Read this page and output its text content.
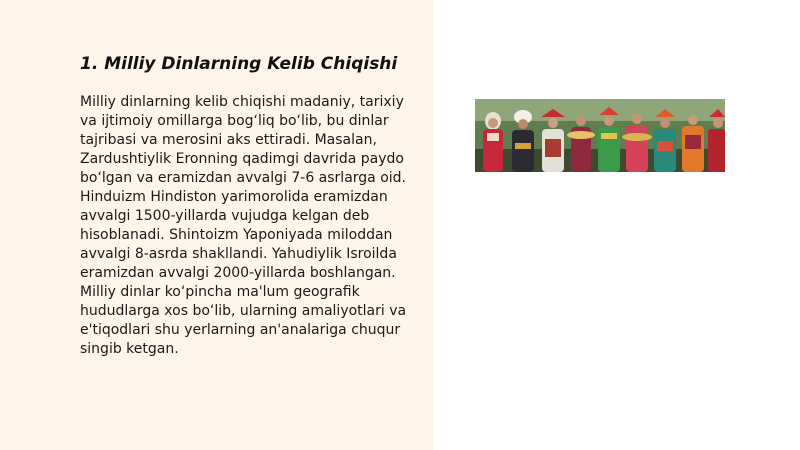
1. Milliy Dinlarning Kelib Chiqishi

Milliy dinlarning kelib chiqishi madaniy, tarixiy va ijtimoiy omillarga bog‘liq bo‘lib, bu dinlar tajribasi va merosini aks ettiradi. Masalan, Zardushtiylik Eronning qadimgi davrida paydo bo‘lgan va eramizdan avvalgi 7-6 asrlarga oid. Hinduizm Hindiston yarimorolida eramizdan avvalgi 1500-yillarda vujudga kelgan deb hisoblanadi. Shintoizm Yaponiyada miloddan avvalgi 8-asrda shakllandi. Yahudiylik Isroilda eramizdan avvalgi 2000-yillarda boshlangan. Milliy dinlar ko‘pincha ma'lum geografik hududlarga xos bo‘lib, ularning amaliyotlari va e'tiqodlari shu yerlarning an'analariga chuqur singib ketgan.
